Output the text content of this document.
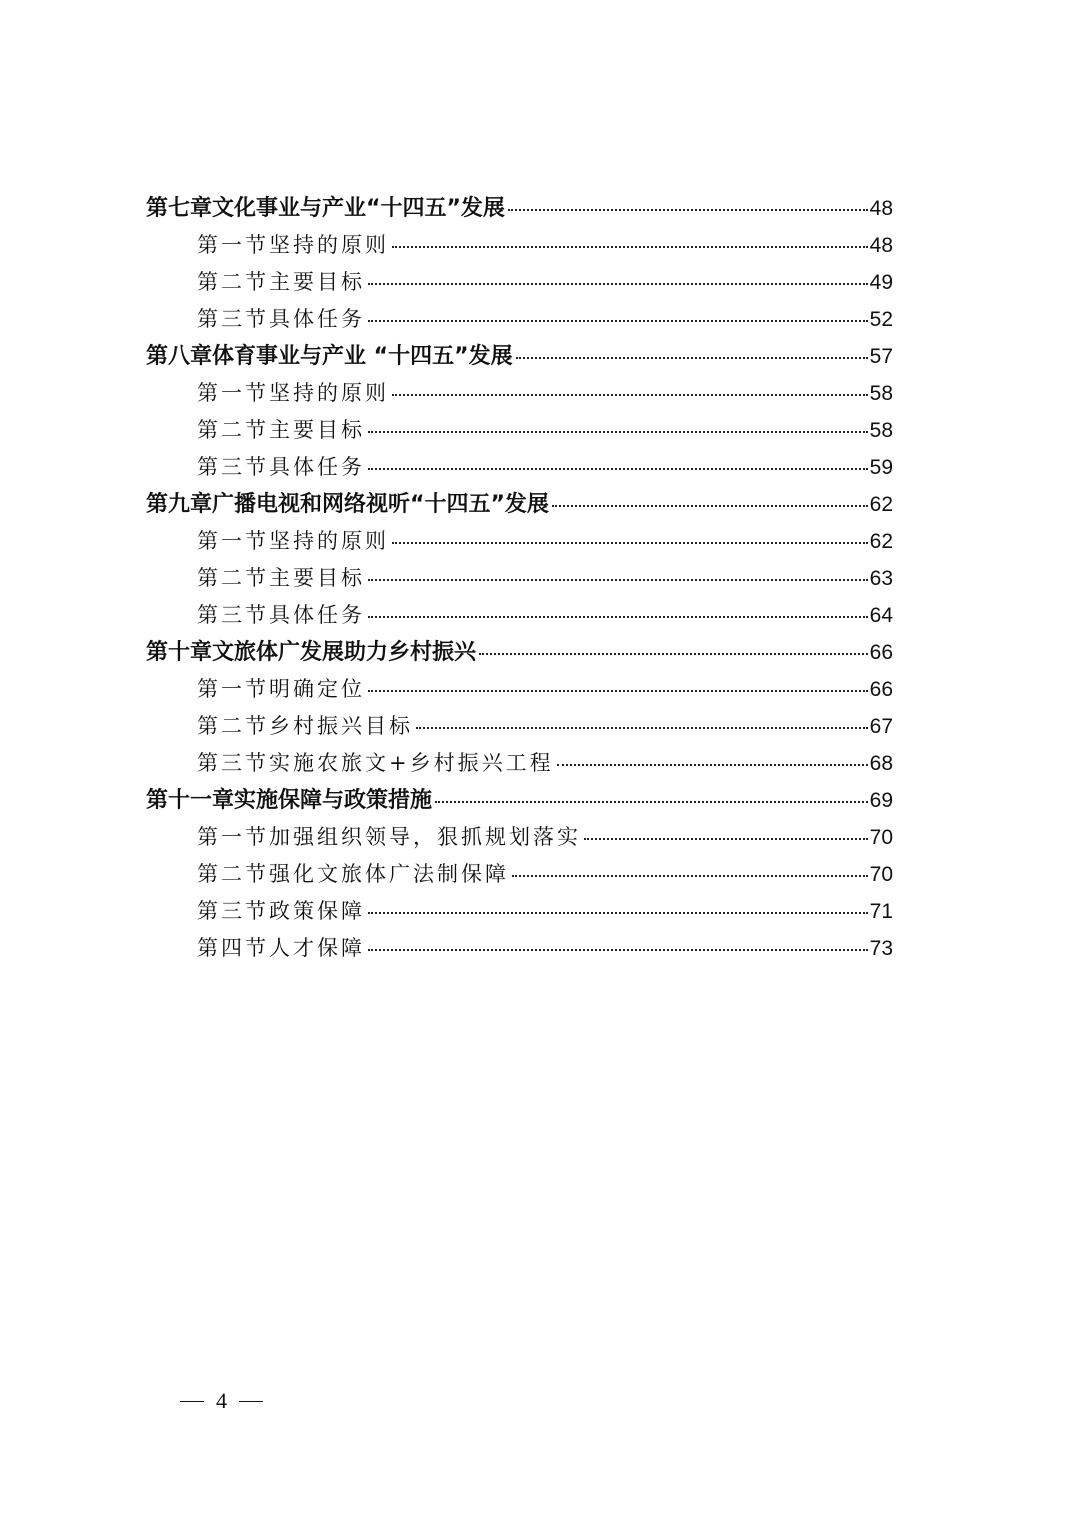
第七章文化事业与产业“十四五”发展	48
第一节坚持的原则	48
第二节主要目标	49
第三节具体任务	52
第八章体育事业与产业 “十四五”发展	57
第一节坚持的原则	58
第二节主要目标	58
第三节具体任务	59
第九章广播电视和网络视听“十四五”发展	62
第一节坚持的原则	62
第二节主要目标	63
第三节具体任务	64
第十章文旅体广发展助力乡村振兴	66
第一节明确定位	66
第二节乡村振兴目标	67
第三节实施农旅文+乡村振兴工程	68
第十一章实施保障与政策措施	69
第一节加强组织领导，狠抓规划落实	70
第二节强化文旅体广法制保障	70
第三节政策保障	71
第四节人才保障	73
4
